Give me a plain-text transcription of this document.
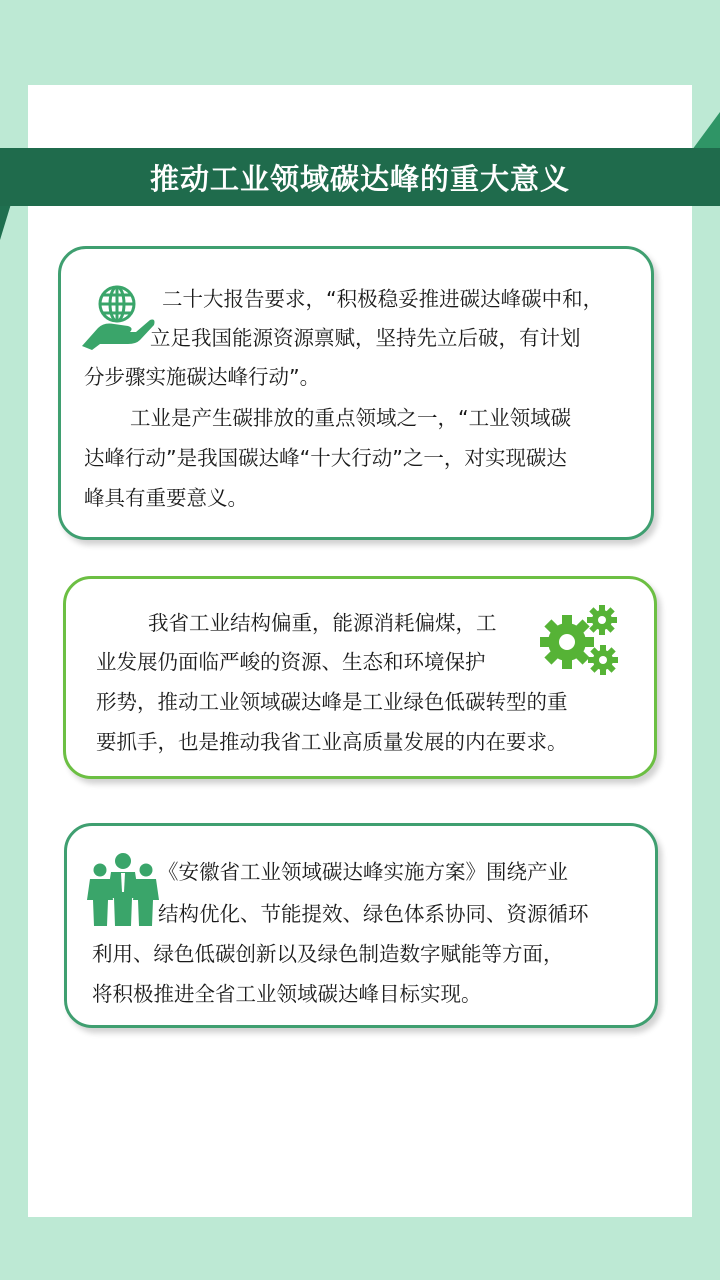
推动工业领域碳达峰的重大意义
二十大报告要求，“积极稳妥推进碳达峰碳中和，
立足我国能源资源禀赋，坚持先立后破，有计划
分步骤实施碳达峰行动”。
工业是产生碳排放的重点领域之一，“工业领域碳
达峰行动”是我国碳达峰“十大行动”之一，对实现碳达
峰具有重要意义。
我省工业结构偏重，能源消耗偏煤，工
业发展仍面临严峻的资源、生态和环境保护
形势，推动工业领域碳达峰是工业绿色低碳转型的重
要抓手，也是推动我省工业高质量发展的内在要求。
《安徽省工业领域碳达峰实施方案》围绕产业
结构优化、节能提效、绿色体系协同、资源循环
利用、绿色低碳创新以及绿色制造数字赋能等方面，
将积极推进全省工业领域碳达峰目标实现。
